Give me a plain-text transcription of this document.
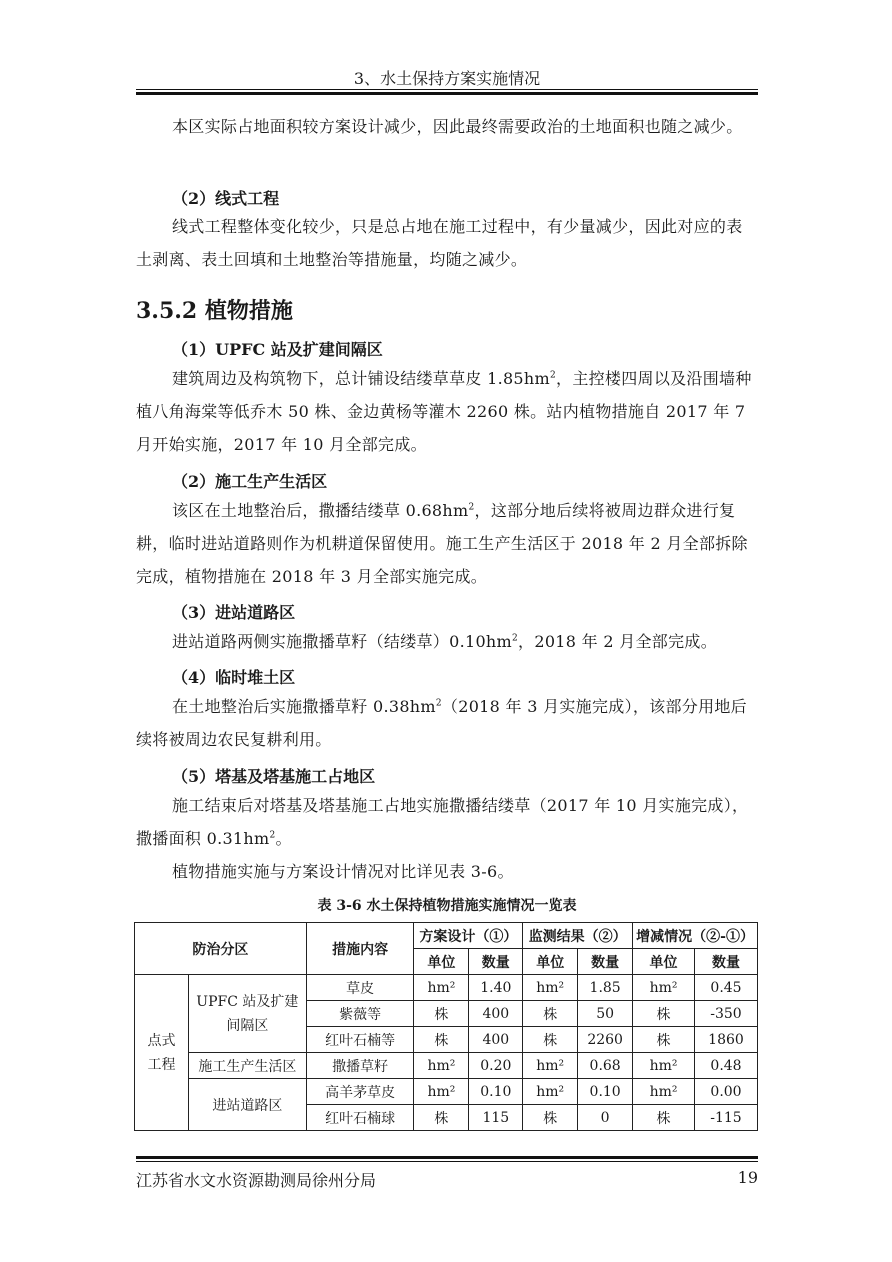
3、水土保持方案实施情况
本区实际占地面积较方案设计减少，因此最终需要政治的土地面积也随之减少。
（2）线式工程
线式工程整体变化较少，只是总占地在施工过程中，有少量减少，因此对应的表土剥离、表土回填和土地整治等措施量，均随之减少。
3.5.2 植物措施
（1）UPFC 站及扩建间隔区
建筑周边及构筑物下，总计铺设结缕草草皮 $1.85hm^2$，主控楼四周以及沿围墙种植八角海棠等低乔木 50 株、金边黄杨等灌木 2260 株。站内植物措施自 2017 年 7 月开始实施，2017 年 10 月全部完成。
（2）施工生产生活区
该区在土地整治后，撒播结缕草 $0.68hm^2$，这部分地后续将被周边群众进行复耕，临时进站道路则作为机耕道保留使用。施工生产生活区于 2018 年 2 月全部拆除完成，植物措施在 2018 年 3 月全部实施完成。
（3）进站道路区
进站道路两侧实施撒播草籽（结缕草）$0.10hm^2$，2018 年 2 月全部完成。
（4）临时堆土区
在土地整治后实施撒播草籽 $0.38hm^2(2018$ 年 3 月实施完成），该部分用地后续将被周边农民复耕利用。
（5）塔基及塔基施工占地区
施工结束后对塔基及塔基施工占地实施撒播结缕草（2017 年 10 月实施完成），撒播面积 $0.31hm^2$。
植物措施实施与方案设计情况对比详见表 3-6。
表 3-6 水土保持植物措施实施情况一览表
防治分区		措施内容	方案设计（①）		监测结果（②）		增减情况（②-①）	
			单位	数量	单位	数量	单位	数量
点式工程	UPFC 站及扩建间隔区	草皮	hm²	1.40	hm²	1.85	hm²	0.45
		紫薇等	株	400	株	50	株	-350
		红叶石楠等	株	400	株	2260	株	1860
	施工生产生活区	撒播草籽	hm²	0.20	hm²	0.68	hm²	0.48
	进站道路区	高羊茅草皮	hm²	0.10	hm²	0.10	hm²	0.00
		红叶石楠球	株	115	株	0	株	-115
江苏省水文水资源勘测局徐州分局	19
